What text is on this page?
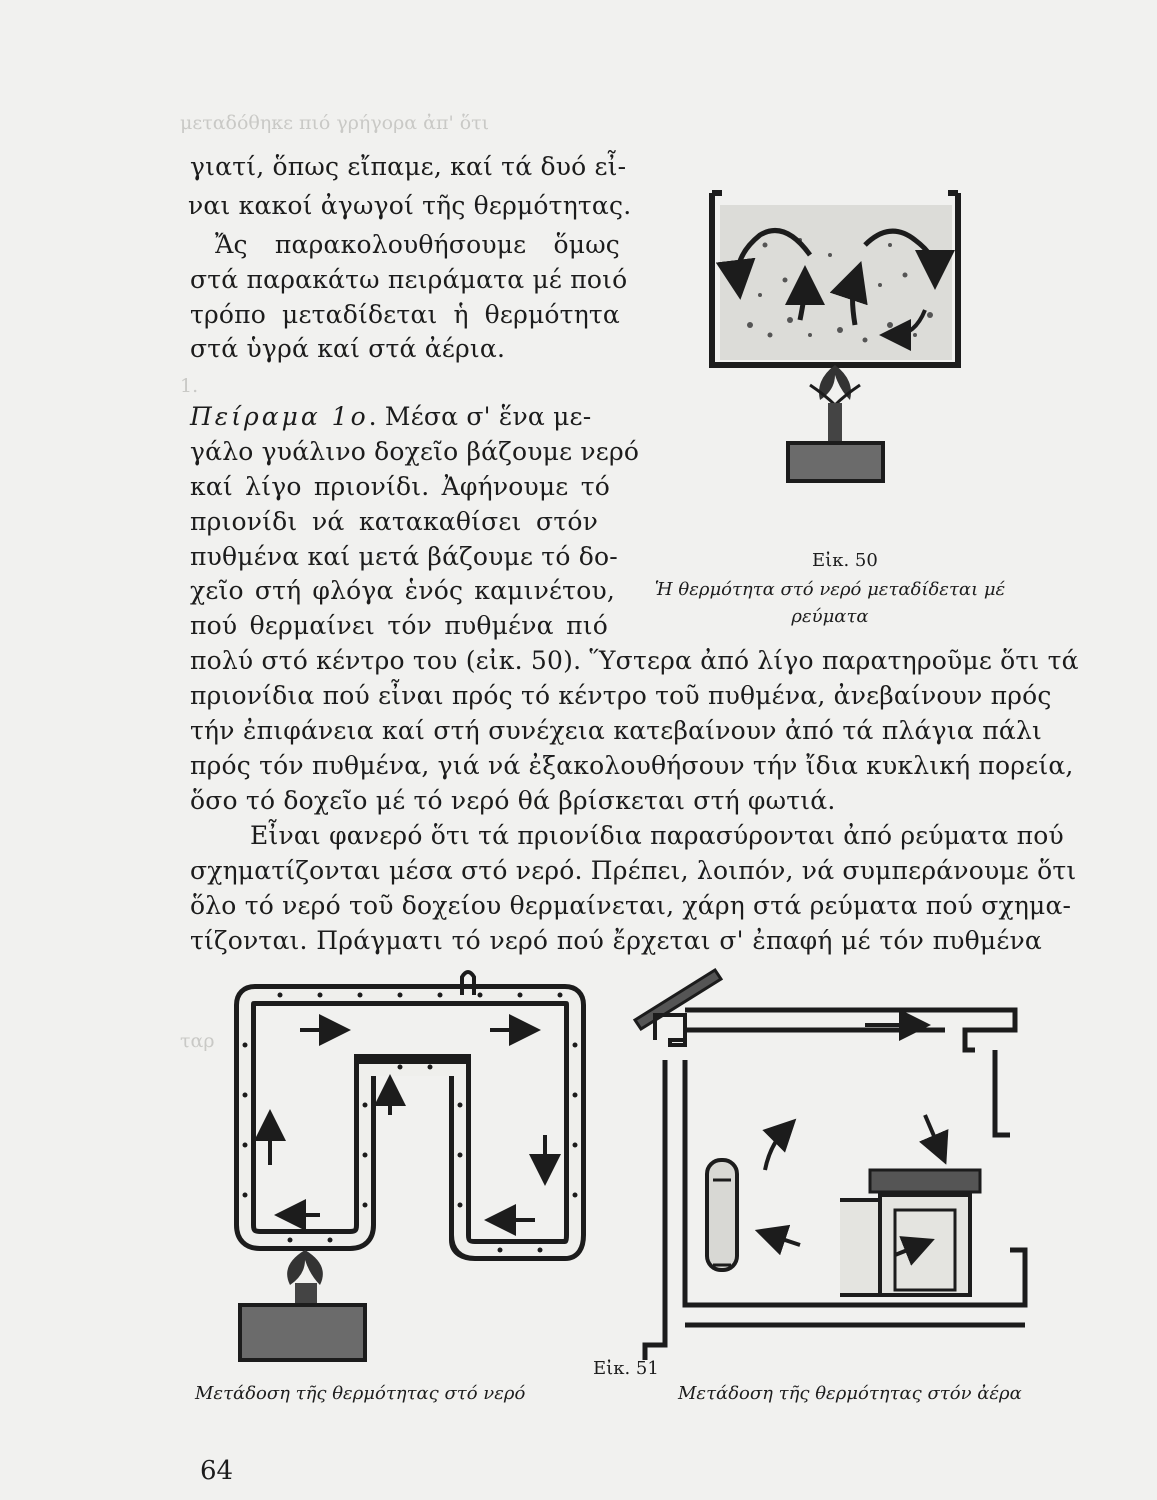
μεταδόθηκε πιό γρήγορα ἀπ' ὅτι
1.
ταρ
γιατί, ὅπως εἴπαμε, καί τά δυό εἶ-
ναι κακοί ἀγωγοί τῆς θερμότητας.
Ἄς παρακολουθήσουμε ὅμως
στά παρακάτω πειράματα μέ ποιό
τρόπο μεταδίδεται ἡ θερμότητα
στά ὑγρά καί στά ἀέρια.
Πείραμα 1ο. Μέσα σ' ἕνα με-
γάλο γυάλινο δοχεῖο βάζουμε νερό
καί λίγο πριονίδι. Ἀφήνουμε τό
πριονίδι νά κατακαθίσει στόν
πυθμένα καί μετά βάζουμε τό δο-
χεῖο στή φλόγα ἑνός καμινέτου,
πού θερμαίνει τόν πυθμένα πιό
πολύ στό κέντρο του (εἰκ. 50). Ὕστερα ἀπό λίγο παρατηροῦμε ὅτι τά
πριονίδια πού εἶναι πρός τό κέντρο τοῦ πυθμένα, ἀνεβαίνουν πρός
τήν ἐπιφάνεια καί στή συνέχεια κατεβαίνουν ἀπό τά πλάγια πάλι
πρός τόν πυθμένα, γιά νά ἐξακολουθήσουν τήν ἴδια κυκλική πορεία,
ὅσο τό δοχεῖο μέ τό νερό θά βρίσκεται στή φωτιά.
Εἶναι φανερό ὅτι τά πριονίδια παρασύρονται ἀπό ρεύματα πού
σχηματίζονται μέσα στό νερό. Πρέπει, λοιπόν, νά συμπεράνουμε ὅτι
ὅλο τό νερό τοῦ δοχείου θερμαίνεται, χάρη στά ρεύματα πού σχημα-
τίζονται. Πράγματι τό νερό πού ἔρχεται σ' ἐπαφή μέ τόν πυθμένα
Εἰκ. 50
Ἡ θερμότητα στό νερό μεταδίδεται μέ
ρεύματα
Εἰκ. 51
Μετάδοση τῆς θερμότητας στό νερό	Μετάδοση τῆς θερμότητας στόν ἀέρα
64
